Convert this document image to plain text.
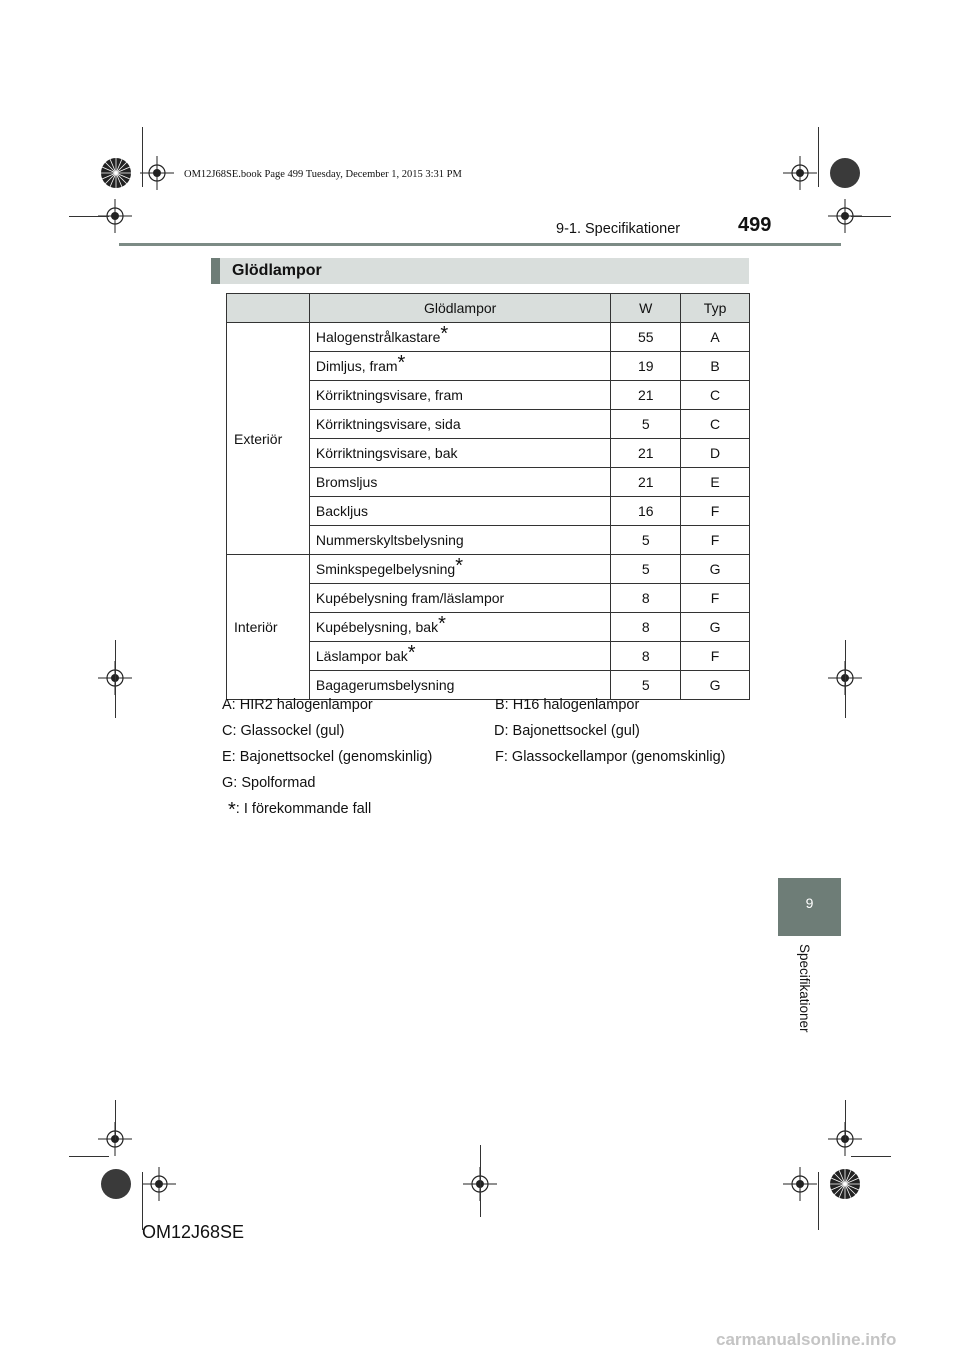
OM12J68SE.book Page 499 Tuesday, December 1, 2015 3:31 PM
9-1. Specifikationer	499
Glödlampor
	Glödlampor	W	Typ
Exteriör	Halogenstrålkastare*	55	A
	Dimljus, fram*	19	B
	Körriktningsvisare, fram	21	C
	Körriktningsvisare, sida	5	C
	Körriktningsvisare, bak	21	D
	Bromsljus	21	E
	Backljus	16	F
	Nummerskyltsbelysning	5	F
Interiör	Sminkspegelbelysning*	5	G
	Kupébelysning fram/läslampor	8	F
	Kupébelysning, bak*	8	G
	Läslampor bak*	8	F
	Bagagerumsbelysning	5	G
A: HIR2 halogenlampor	B: H16 halogenlampor
C: Glassockel (gul)	D: Bajonettsockel (gul)
E: Bajonettsockel (genomskinlig)	F: Glassockellampor (genomskinlig)
G: Spolformad
*: I förekommande fall
9
Specifikationer
OM12J68SE
carmanualsonline.info
